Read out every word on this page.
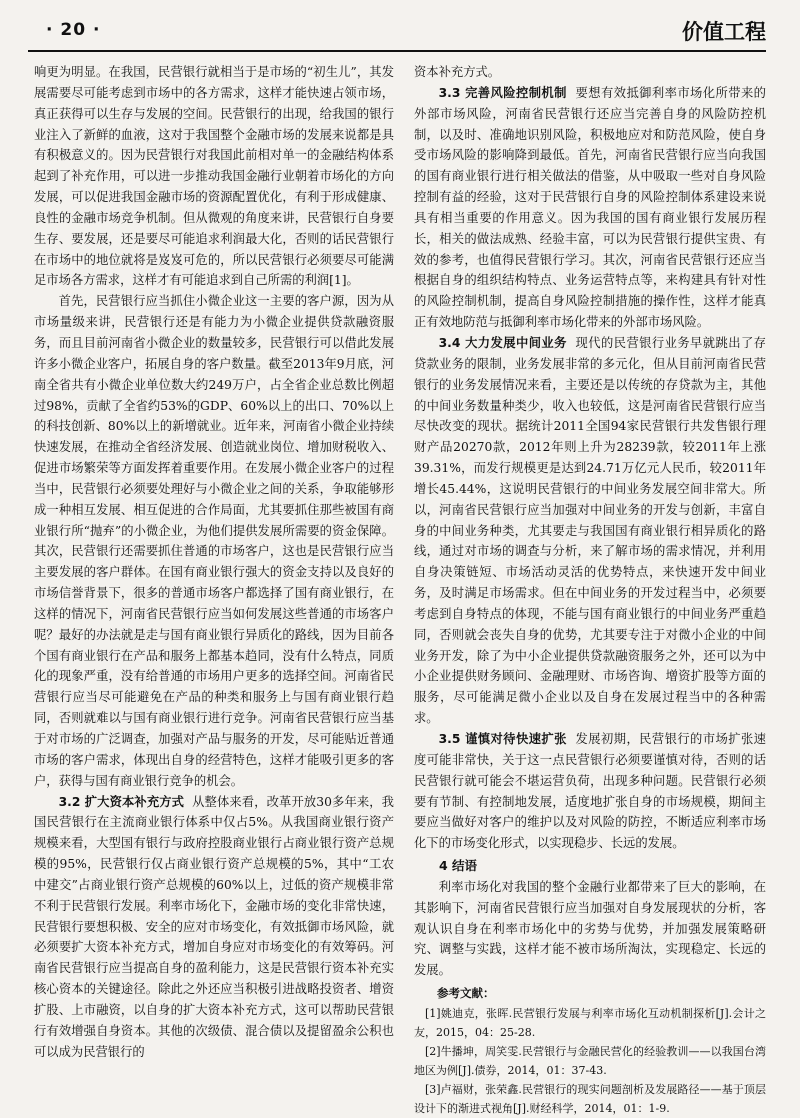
· 20 ·	价值工程

响更为明显。在我国，民营银行就相当于是市场的“初生儿”，其发展需要尽可能考虑到市场中的各方需求，这样才能快速占领市场，真正获得可以生存与发展的空间。民营银行的出现，给我国的银行业注入了新鲜的血液，这对于我国整个金融市场的发展来说都是具有积极意义的。因为民营银行对我国此前相对单一的金融结构体系起到了补充作用，可以进一步推动我国金融行业朝着市场化的方向发展，可以促进我国金融市场的资源配置优化，有利于形成健康、良性的金融市场竞争机制。但从微观的角度来讲，民营银行自身要生存、要发展，还是要尽可能追求利润最大化，否则的话民营银行在市场中的地位就将是岌岌可危的，所以民营银行必须要尽可能满足市场各方需求，这样才有可能追求到自己所需的利润[1]。

首先，民营银行应当抓住小微企业这一主要的客户源，因为从市场量级来讲，民营银行还是有能力为小微企业提供贷款融资服务，而且目前河南省小微企业的数量较多，民营银行可以借此发展许多小微企业客户，拓展自身的客户数量。截至2013年9月底，河南全省共有小微企业单位数大约249万户，占全省企业总数比例超过98%，贡献了全省约53%的GDP、60%以上的出口、70%以上的科技创新、80%以上的新增就业。近年来，河南省小微企业持续快速发展，在推动全省经济发展、创造就业岗位、增加财税收入、促进市场繁荣等方面发挥着重要作用。在发展小微企业客户的过程当中，民营银行必须要处理好与小微企业之间的关系，争取能够形成一种相互发展、相互促进的合作局面，尤其要抓住那些被国有商业银行所“抛弃”的小微企业，为他们提供发展所需要的资金保障。其次，民营银行还需要抓住普通的市场客户，这也是民营银行应当主要发展的客户群体。在国有商业银行强大的资金支持以及良好的市场信誉背景下，很多的普通市场客户都选择了国有商业银行，在这样的情况下，河南省民营银行应当如何发展这些普通的市场客户呢？最好的办法就是走与国有商业银行异质化的路线，因为目前各个国有商业银行在产品和服务上都基本趋同，没有什么特点，同质化的现象严重，没有给普通的市场用户更多的选择空间。河南省民营银行应当尽可能避免在产品的种类和服务上与国有商业银行趋同，否则就难以与国有商业银行进行竞争。河南省民营银行应当基于对市场的广泛调查，加强对产品与服务的开发，尽可能贴近普通市场的客户需求，体现出自身的经营特色，这样才能吸引更多的客户，获得与国有商业银行竞争的机会。

3.2 扩大资本补充方式 从整体来看，改革开放30多年来，我国民营银行在主流商业银行体系中仅占5%。从我国商业银行资产规模来看，大型国有银行与政府控股商业银行占商业银行资产总规模的95%，民营银行仅占商业银行资产总规模的5%，其中“工农中建交”占商业银行资产总规模的60%以上，过低的资产规模非常不利于民营银行发展。利率市场化下，金融市场的变化非常快速，民营银行要想积极、安全的应对市场变化，有效抵御市场风险，就必须要扩大资本补充方式，增加自身应对市场变化的有效筹码。河南省民营银行应当提高自身的盈利能力，这是民营银行资本补充实核心资本的关键途径。除此之外还应当积极引进战略投资者、增资扩股、上市融资，以自身的扩大资本补充方式，这可以帮助民营银行有效增强自身资本。其他的次级债、混合债以及提留盈余公积也可以成为民营银行的

资本补充方式。

3.3 完善风险控制机制 要想有效抵御利率市场化所带来的外部市场风险，河南省民营银行还应当完善自身的风险防控机制，以及时、准确地识别风险，积极地应对和防范风险，使自身受市场风险的影响降到最低。首先，河南省民营银行应当向我国的国有商业银行进行相关做法的借鉴，从中吸取一些对自身风险控制有益的经验，这对于民营银行自身的风险控制体系建设来说具有相当重要的作用意义。因为我国的国有商业银行发展历程长，相关的做法成熟、经验丰富，可以为民营银行提供宝贵、有效的参考，也值得民营银行学习。其次，河南省民营银行还应当根据自身的组织结构特点、业务运营特点等，来构建具有针对性的风险控制机制，提高自身风险控制措施的操作性，这样才能真正有效地防范与抵御利率市场化带来的外部市场风险。

3.4 大力发展中间业务 现代的民营银行业务早就跳出了存贷款业务的限制，业务发展非常的多元化，但从目前河南省民营银行的业务发展情况来看，主要还是以传统的存贷款为主，其他的中间业务数量种类少，收入也较低，这是河南省民营银行应当尽快改变的现状。据统计2011全国94家民营银行共发售银行理财产品20270款，2012年则上升为28239款，较2011年上涨39.31%，而发行规模更是达到24.71万亿元人民币，较2011年增长45.44%，这说明民营银行的中间业务发展空间非常大。所以，河南省民营银行应当加强对中间业务的开发与创新，丰富自身的中间业务种类，尤其要走与我国国有商业银行相异质化的路线，通过对市场的调查与分析，来了解市场的需求情况，并利用自身决策链短、市场活动灵活的优势特点，来快速开发中间业务，及时满足市场需求。但在中间业务的开发过程当中，必须要考虑到自身特点的体现，不能与国有商业银行的中间业务严重趋同，否则就会丧失自身的优势，尤其要专注于对微小企业的中间业务开发，除了为中小企业提供贷款融资服务之外，还可以为中小企业提供财务顾问、金融理财、市场咨询、增资扩股等方面的服务，尽可能满足微小企业以及自身在发展过程当中的各种需求。

3.5 谨慎对待快速扩张 发展初期，民营银行的市场扩张速度可能非常快，关于这一点民营银行必须要谨慎对待，否则的话民营银行就可能会不堪运营负荷，出现多种问题。民营银行必须要有节制、有控制地发展，适度地扩张自身的市场规模，期间主要应当做好对客户的维护以及对风险的防控，不断适应利率市场化下的市场变化形式，以实现稳步、长远的发展。

4 结语

利率市场化对我国的整个金融行业都带来了巨大的影响，在其影响下，河南省民营银行应当加强对自身发展现状的分析，客观认识自身在利率市场化中的劣势与优势，并加强发展策略研究、调整与实践，这样才能不被市场所淘汰，实现稳定、长远的发展。

参考文献：
[1]姚迪克，张晖.民营银行发展与利率市场化互动机制探析[J].会计之友，2015，04：25-28.
[2]牛播坤，周笑雯.民营银行与金融民营化的经验教训——以我国台湾地区为例[J].债券，2014，01：37-43.
[3]卢福财，张荣鑫.民营银行的现实问题剖析及发展路径——基于顶层设计下的渐进式视角[J].财经科学，2014，01：1-9.
